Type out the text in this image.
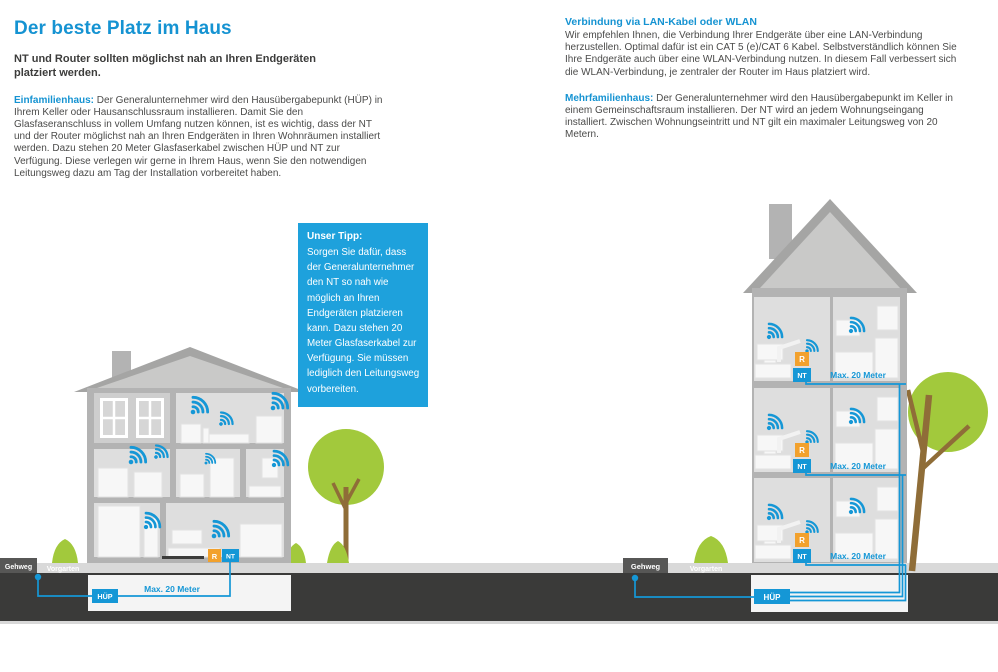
R NT
HÜP
Max. 20 Meter
HÜP
Gehweg Vorgarten	Gehweg	Vorgarten
Der beste Platz im Haus

NT und Router sollten möglichst nah an Ihren Endgeräten platziert werden.

Einfamilienhaus: Der Generalunternehmer wird den Hausübergabepunkt (HÜP) in Ihrem Keller oder Hausanschlussraum installieren. Damit Sie den Glasfaseranschluss in vollem Umfang nutzen können, ist es wichtig, dass der NT und der Router möglichst nah an Ihren Endgeräten in Ihren Wohnräumen installiert werden. Dazu stehen 20 Meter Glasfaserkabel zwischen HÜP und NT zur Verfügung. Diese verlegen wir gerne in Ihrem Haus, wenn Sie den notwendigen Leitungsweg dazu am Tag der Installation vorbereitet haben.

Verbindung via LAN-Kabel oder WLAN

Wir empfehlen Ihnen, die Verbindung Ihrer Endgeräte über eine LAN-Verbindung herzustellen. Optimal dafür ist ein CAT 5 (e)/CAT 6 Kabel. Selbstverständlich können Sie Ihre Endgeräte auch über eine WLAN-Verbindung nutzen. In diesem Fall verbessert sich die WLAN-Verbindung, je zentraler der Router im Haus platziert wird.

Mehrfamilienhaus: Der Generalunternehmer wird den Hausübergabepunkt im Keller in einem Gemeinschaftsraum installieren. Der NT wird an jedem Wohnungseingang installiert. Zwischen Wohnungseintritt und NT gilt ein maximaler Leitungsweg von 20 Metern.

Unser Tipp:

Sorgen Sie dafür, dass der Generalunternehmer den NT so nah wie möglich an Ihren Endgeräten platzieren kann. Dazu stehen 20 Meter Glasfaserkabel zur Verfügung. Sie müssen lediglich den Leitungsweg vorbereiten.
